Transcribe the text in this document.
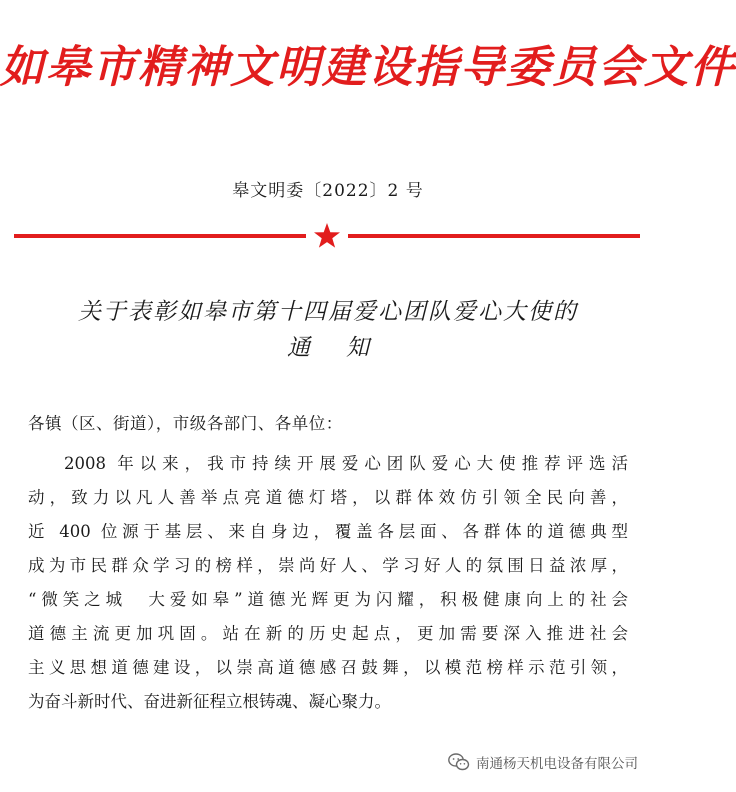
如皋市精神文明建设指导委员会文件
皋文明委〔2022〕2 号
关于表彰如皋市第十四届爱心团队爱心大使的
通知
各镇（区、街道），市级各部门、各单位：
2008 年以来，我市持续开展爱心团队爱心大使推荐评选活
动，致力以凡人善举点亮道德灯塔，以群体效仿引领全民向善，
近 400 位源于基层、来自身边，覆盖各层面、各群体的道德典型
成为市民群众学习的榜样，崇尚好人、学习好人的氛围日益浓厚，
“微笑之城　大爱如皋”道德光辉更为闪耀，积极健康向上的社会
道德主流更加巩固。站在新的历史起点，更加需要深入推进社会
主义思想道德建设，以崇高道德感召鼓舞，以模范榜样示范引领，
为奋斗新时代、奋进新征程立根铸魂、凝心聚力。
南通杨天机电设备有限公司
